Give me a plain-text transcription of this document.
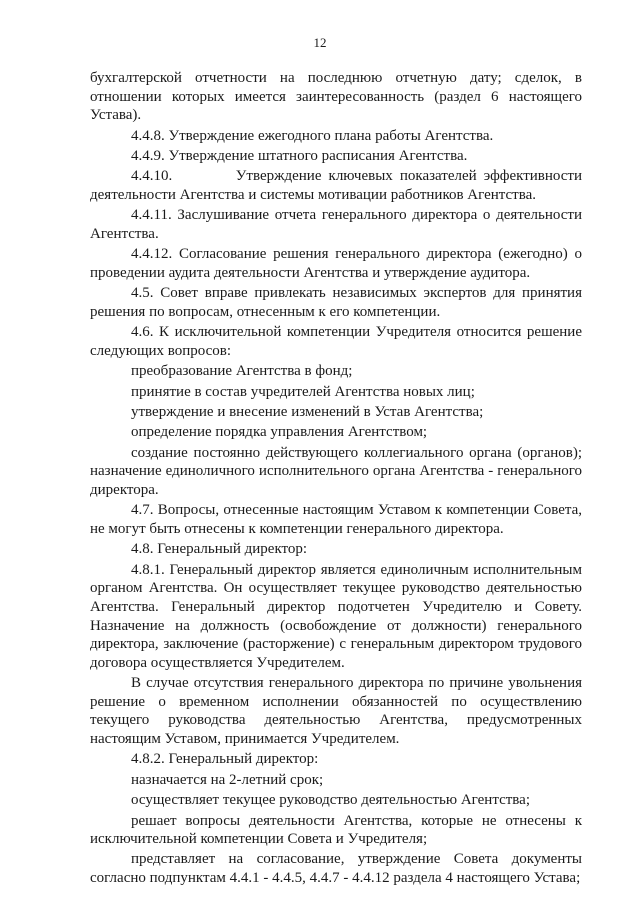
12

бухгалтерской отчетности на последнюю отчетную дату; сделок, в отношении которых имеется заинтересованность (раздел 6 настоящего Устава).

4.4.8. Утверждение ежегодного плана работы Агентства.

4.4.9. Утверждение штатного расписания Агентства.

4.4.10.         Утверждение ключевых показателей эффективности деятельности Агентства и системы мотивации работников Агентства.

4.4.11. Заслушивание отчета генерального директора о деятельности Агентства.

4.4.12. Согласование решения генерального директора (ежегодно) о проведении аудита деятельности Агентства и утверждение аудитора.

4.5. Совет вправе привлекать независимых экспертов для принятия решения по вопросам, отнесенным к его компетенции.

4.6. К исключительной компетенции Учредителя относится решение следующих вопросов:

преобразование Агентства в фонд;

принятие в состав учредителей Агентства новых лиц;

утверждение и внесение изменений в Устав Агентства;

определение порядка управления Агентством;

создание постоянно действующего коллегиального органа (органов); назначение единоличного исполнительного органа Агентства - генерального директора.

4.7. Вопросы, отнесенные настоящим Уставом к компетенции Совета, не могут быть отнесены к компетенции генерального директора.

4.8. Генеральный директор:

4.8.1. Генеральный директор является единоличным исполнительным органом Агентства. Он осуществляет текущее руководство деятельностью Агентства. Генеральный директор подотчетен Учредителю и Совету. Назначение на должность (освобождение от должности) генерального директора, заключение (расторжение) с генеральным директором трудового договора осуществляется Учредителем.

В случае отсутствия генерального директора по причине увольнения решение о временном исполнении обязанностей по осуществлению текущего руководства деятельностью Агентства, предусмотренных настоящим Уставом, принимается Учредителем.

4.8.2. Генеральный директор:

назначается на 2-летний срок;

осуществляет текущее руководство деятельностью Агентства;

решает вопросы деятельности Агентства, которые не отнесены к исключительной компетенции Совета и Учредителя;

представляет на согласование, утверждение Совета документы согласно подпунктам 4.4.1 - 4.4.5, 4.4.7 - 4.4.12 раздела 4 настоящего Устава;
